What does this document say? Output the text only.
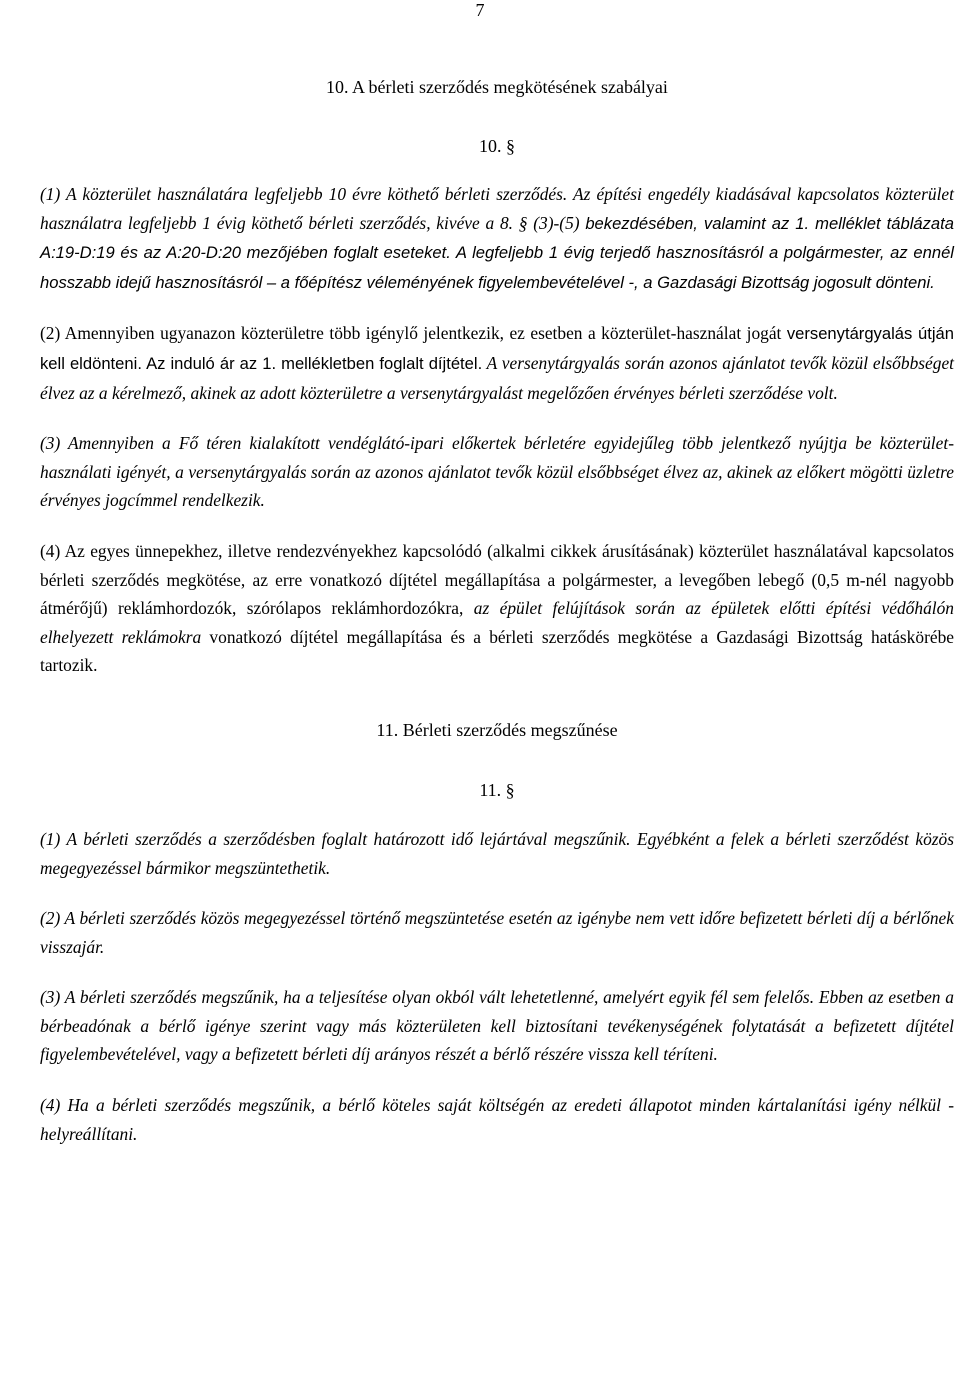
7

10. A bérleti szerződés megkötésének szabályai

10. §

(1) A közterület használatára legfeljebb 10 évre köthető bérleti szerződés. Az építési engedély kiadásával kapcsolatos közterület használatra legfeljebb 1 évig köthető bérleti szerződés, kivéve a 8. § (3)-(5) bekezdésében, valamint az 1. melléklet táblázata A:19-D:19 és az A:20-D:20 mezőjében foglalt eseteket. A legfeljebb 1 évig terjedő hasznosításról a polgármester, az ennél hosszabb idejű hasznosításról – a főépítész véleményének figyelembevételével -, a Gazdasági Bizottság jogosult dönteni.

(2) Amennyiben ugyanazon közterületre több igénylő jelentkezik, ez esetben a közterület-használat jogát versenytárgyalás útján kell eldönteni. Az induló ár az 1. mellékletben foglalt díjtétel. A versenytárgyalás során azonos ajánlatot tevők közül elsőbbséget élvez az a kérelmező, akinek az adott közterületre a versenytárgyalást megelőzően érvényes bérleti szerződése volt.

(3) Amennyiben a Fő téren kialakított vendéglátó-ipari előkertek bérletére egyidejűleg több jelentkező nyújtja be közterület-használati igényét, a versenytárgyalás során az azonos ajánlatot tevők közül elsőbbséget élvez az, akinek az előkert mögötti üzletre érvényes jogcímmel rendelkezik.

(4) Az egyes ünnepekhez, illetve rendezvényekhez kapcsolódó (alkalmi cikkek árusításának) közterület használatával kapcsolatos bérleti szerződés megkötése, az erre vonatkozó díjtétel megállapítása a polgármester, a levegőben lebegő (0,5 m-nél nagyobb átmérőjű) reklámhordozók, szórólapos reklámhordozókra, az épület felújítások során az épületek előtti építési védőhálón elhelyezett reklámokra vonatkozó díjtétel megállapítása és a bérleti szerződés megkötése a Gazdasági Bizottság hatáskörébe tartozik.

11. Bérleti szerződés megszűnése

11. §

(1) A bérleti szerződés a szerződésben foglalt határozott idő lejártával megszűnik. Egyébként a felek a bérleti szerződést közös megegyezéssel bármikor megszüntethetik.

(2) A bérleti szerződés közös megegyezéssel történő megszüntetése esetén az igénybe nem vett időre befizetett bérleti díj a bérlőnek visszajár.

(3) A bérleti szerződés megszűnik, ha a teljesítése olyan okból vált lehetetlenné, amelyért egyik fél sem felelős. Ebben az esetben a bérbeadónak a bérlő igénye szerint vagy más közterületen kell biztosítani tevékenységének folytatását a befizetett díjtétel figyelembevételével, vagy a befizetett bérleti díj arányos részét a bérlő részére vissza kell téríteni.

(4) Ha a bérleti szerződés megszűnik, a bérlő köteles saját költségén az eredeti állapotot minden kártalanítási igény nélkül - helyreállítani.
